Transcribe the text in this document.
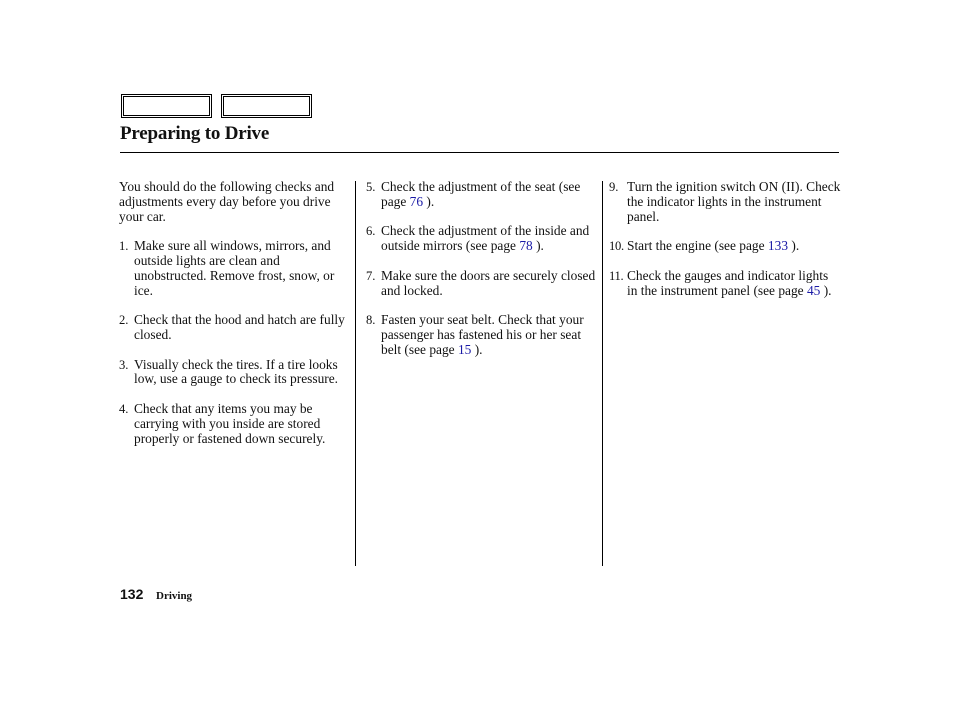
Preparing to Drive

You should do the following checks and adjustments every day before you drive your car.

1. Make sure all windows, mirrors, and outside lights are clean and unobstructed. Remove frost, snow, or ice.
2. Check that the hood and hatch are fully closed.
3. Visually check the tires. If a tire looks low, use a gauge to check its pressure.
4. Check that any items you may be carrying with you inside are stored properly or fastened down securely.
5. Check the adjustment of the seat (see page 76 ).
6. Check the adjustment of the inside and outside mirrors (see page 78 ).
7. Make sure the doors are securely closed and locked.
8. Fasten your seat belt. Check that your passenger has fastened his or her seat belt (see page 15 ).
9. Turn the ignition switch ON (II). Check the indicator lights in the instrument panel.
10. Start the engine (see page 133 ).
11. Check the gauges and indicator lights in the instrument panel (see page 45 ).

132 Driving
